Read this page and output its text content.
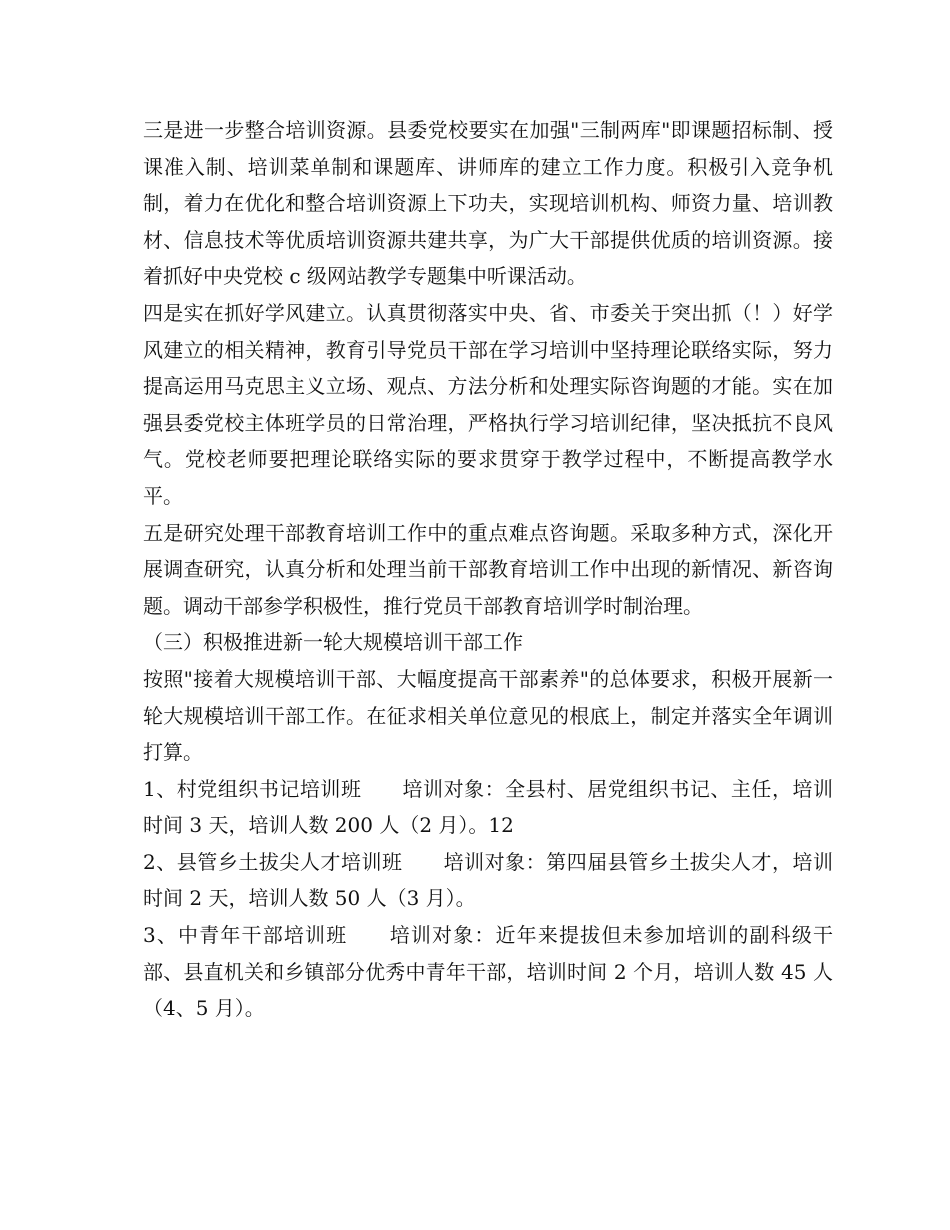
三是进一步整合培训资源。县委党校要实在加强"三制两库"即课题招标制、授课准入制、培训菜单制和课题库、讲师库的建立工作力度。积极引入竞争机制，着力在优化和整合培训资源上下功夫，实现培训机构、师资力量、培训教材、信息技术等优质培训资源共建共享，为广大干部提供优质的培训资源。接着抓好中央党校 c 级网站教学专题集中听课活动。

四是实在抓好学风建立。认真贯彻落实中央、省、市委关于突出抓（！）好学风建立的相关精神，教育引导党员干部在学习培训中坚持理论联络实际，努力提高运用马克思主义立场、观点、方法分析和处理实际咨询题的才能。实在加强县委党校主体班学员的日常治理，严格执行学习培训纪律，坚决抵抗不良风气。党校老师要把理论联络实际的要求贯穿于教学过程中，不断提高教学水平。

五是研究处理干部教育培训工作中的重点难点咨询题。采取多种方式，深化开展调查研究，认真分析和处理当前干部教育培训工作中出现的新情况、新咨询题。调动干部参学积极性，推行党员干部教育培训学时制治理。

（三）积极推进新一轮大规模培训干部工作

按照"接着大规模培训干部、大幅度提高干部素养"的总体要求，积极开展新一轮大规模培训干部工作。在征求相关单位意见的根底上，制定并落实全年调训打算。

1、村党组织书记培训班　　培训对象：全县村、居党组织书记、主任，培训时间 3 天，培训人数 200 人（2 月）。12

2、县管乡土拔尖人才培训班　　培训对象：第四届县管乡土拔尖人才，培训时间 2 天，培训人数 50 人（3 月）。

3、中青年干部培训班　　培训对象：近年来提拔但未参加培训的副科级干部、县直机关和乡镇部分优秀中青年干部，培训时间 2 个月，培训人数 45 人（4、5 月）。
